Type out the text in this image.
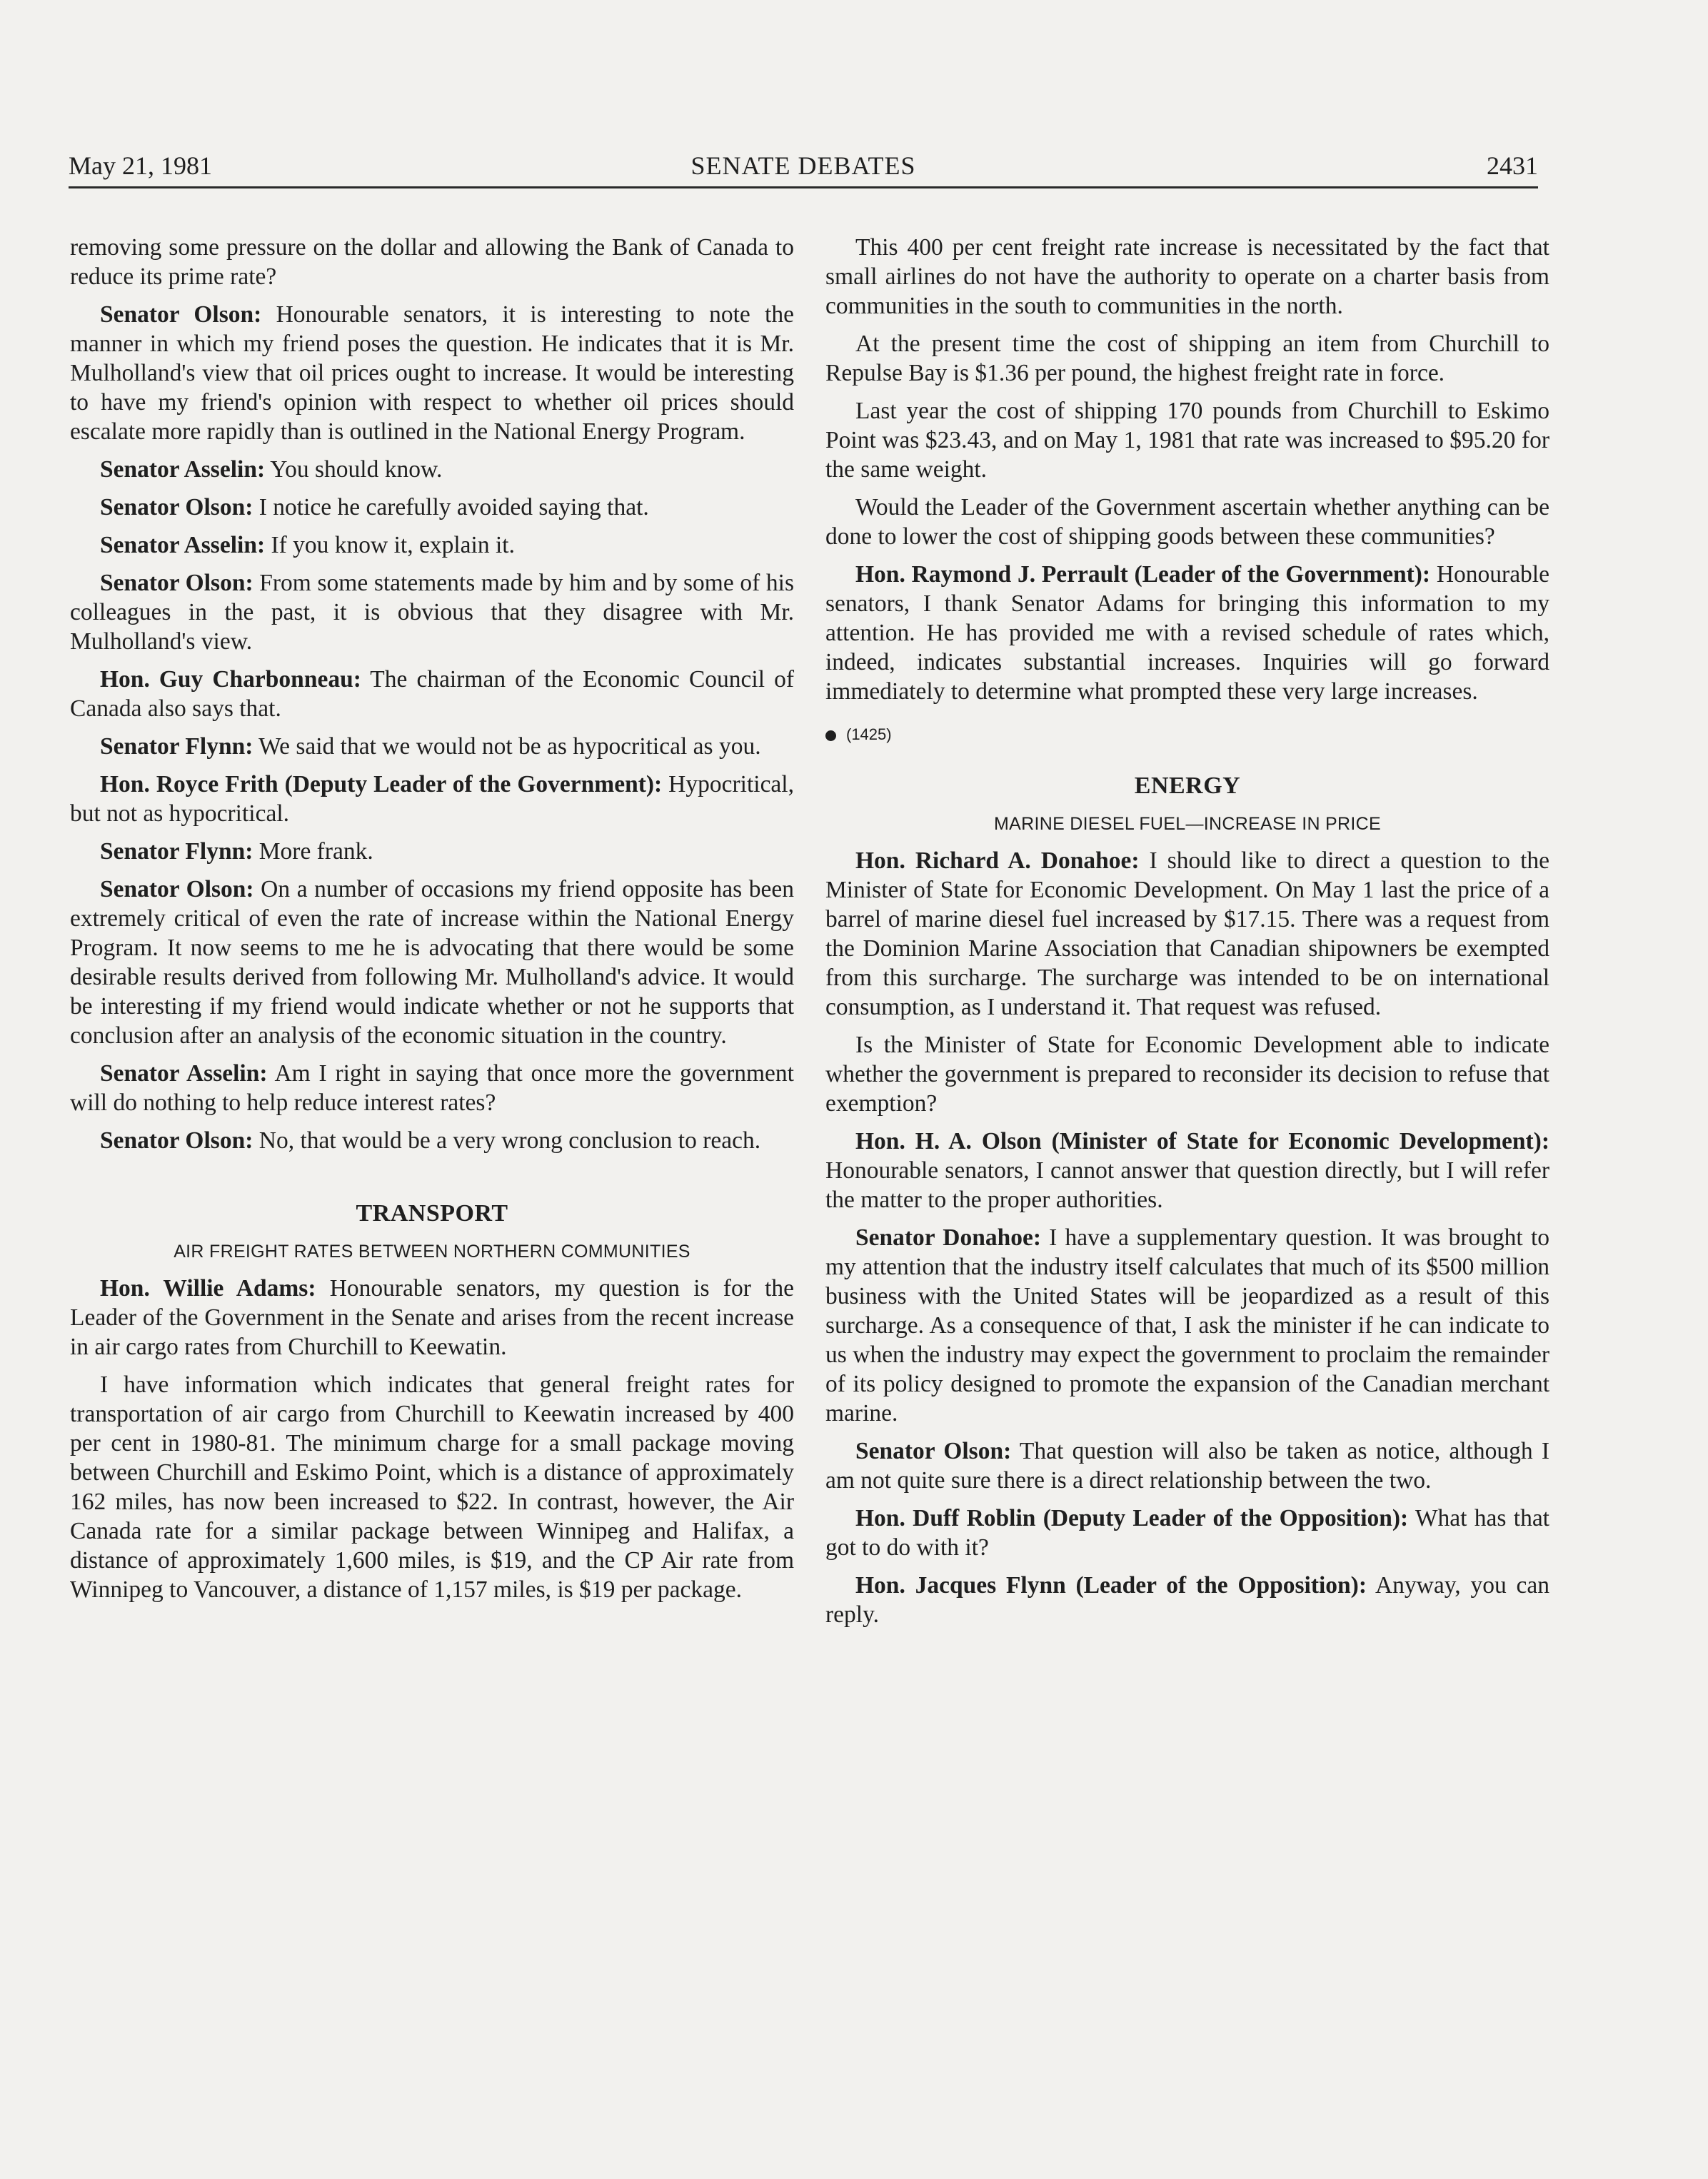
May 21, 1981	SENATE DEBATES	2431

removing some pressure on the dollar and allowing the Bank of Canada to reduce its prime rate?

Senator Olson: Honourable senators, it is interesting to note the manner in which my friend poses the question. He indicates that it is Mr. Mulholland's view that oil prices ought to increase. It would be interesting to have my friend's opinion with respect to whether oil prices should escalate more rapidly than is outlined in the National Energy Program.

Senator Asselin: You should know.

Senator Olson: I notice he carefully avoided saying that.

Senator Asselin: If you know it, explain it.

Senator Olson: From some statements made by him and by some of his colleagues in the past, it is obvious that they disagree with Mr. Mulholland's view.

Hon. Guy Charbonneau: The chairman of the Economic Council of Canada also says that.

Senator Flynn: We said that we would not be as hypocritical as you.

Hon. Royce Frith (Deputy Leader of the Government): Hypocritical, but not as hypocritical.

Senator Flynn: More frank.

Senator Olson: On a number of occasions my friend opposite has been extremely critical of even the rate of increase within the National Energy Program. It now seems to me he is advocating that there would be some desirable results derived from following Mr. Mulholland's advice. It would be interesting if my friend would indicate whether or not he supports that conclusion after an analysis of the economic situation in the country.

Senator Asselin: Am I right in saying that once more the government will do nothing to help reduce interest rates?

Senator Olson: No, that would be a very wrong conclusion to reach.

TRANSPORT
AIR FREIGHT RATES BETWEEN NORTHERN COMMUNITIES

Hon. Willie Adams: Honourable senators, my question is for the Leader of the Government in the Senate and arises from the recent increase in air cargo rates from Churchill to Keewatin.

I have information which indicates that general freight rates for transportation of air cargo from Churchill to Keewatin increased by 400 per cent in 1980-81. The minimum charge for a small package moving between Churchill and Eskimo Point, which is a distance of approximately 162 miles, has now been increased to $22. In contrast, however, the Air Canada rate for a similar package between Winnipeg and Halifax, a distance of approximately 1,600 miles, is $19, and the CP Air rate from Winnipeg to Vancouver, a distance of 1,157 miles, is $19 per package.

This 400 per cent freight rate increase is necessitated by the fact that small airlines do not have the authority to operate on a charter basis from communities in the south to communities in the north.

At the present time the cost of shipping an item from Churchill to Repulse Bay is $1.36 per pound, the highest freight rate in force.

Last year the cost of shipping 170 pounds from Churchill to Eskimo Point was $23.43, and on May 1, 1981 that rate was increased to $95.20 for the same weight.

Would the Leader of the Government ascertain whether anything can be done to lower the cost of shipping goods between these communities?

Hon. Raymond J. Perrault (Leader of the Government): Honourable senators, I thank Senator Adams for bringing this information to my attention. He has provided me with a revised schedule of rates which, indeed, indicates substantial increases. Inquiries will go forward immediately to determine what prompted these very large increases.

(1425)
ENERGY
MARINE DIESEL FUEL—INCREASE IN PRICE

Hon. Richard A. Donahoe: I should like to direct a question to the Minister of State for Economic Development. On May 1 last the price of a barrel of marine diesel fuel increased by $17.15. There was a request from the Dominion Marine Association that Canadian shipowners be exempted from this surcharge. The surcharge was intended to be on international consumption, as I understand it. That request was refused.

Is the Minister of State for Economic Development able to indicate whether the government is prepared to reconsider its decision to refuse that exemption?

Hon. H. A. Olson (Minister of State for Economic Development): Honourable senators, I cannot answer that question directly, but I will refer the matter to the proper authorities.

Senator Donahoe: I have a supplementary question. It was brought to my attention that the industry itself calculates that much of its $500 million business with the United States will be jeopardized as a result of this surcharge. As a consequence of that, I ask the minister if he can indicate to us when the industry may expect the government to proclaim the remainder of its policy designed to promote the expansion of the Canadian merchant marine.

Senator Olson: That question will also be taken as notice, although I am not quite sure there is a direct relationship between the two.

Hon. Duff Roblin (Deputy Leader of the Opposition): What has that got to do with it?

Hon. Jacques Flynn (Leader of the Opposition): Anyway, you can reply.
